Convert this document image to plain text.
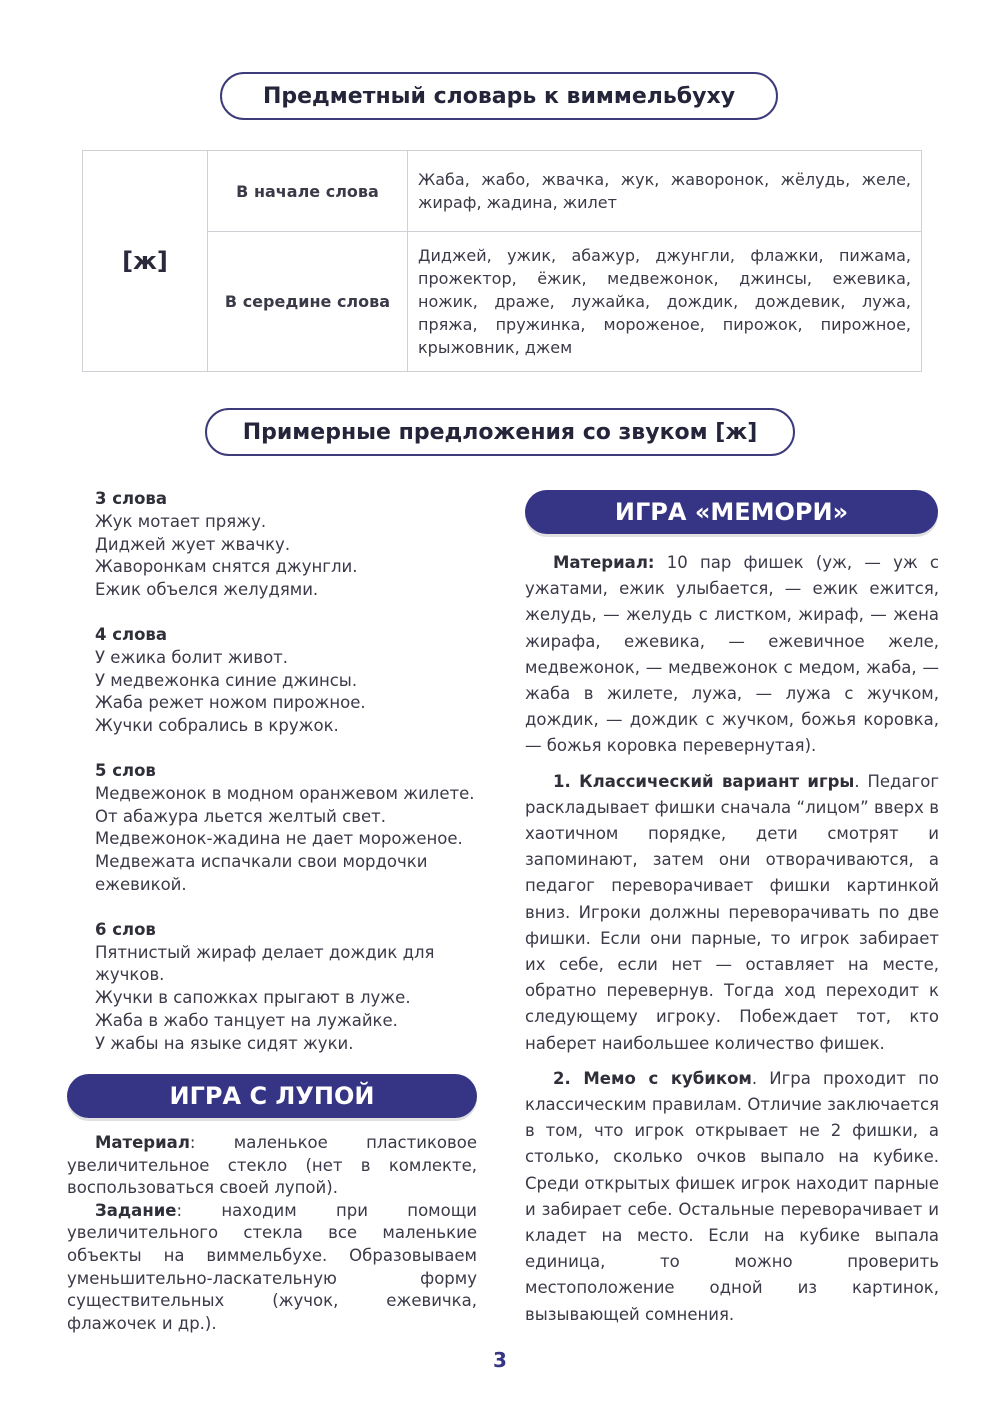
Предметный словарь к виммельбуху
[ж]	В начале слова	Жаба, жабо, жвачка, жук, жаворонок, жёлудь, желе, жираф, жадина, жилет
	В середине слова	Диджей, ужик, абажур, джунгли, флажки, пижама, прожектор, ёжик, медвежонок, джинсы, ежевика, ножик, драже, лужайка, дождик, дождевик, лужа, пряжа, пружинка, мороженое, пирожок, пирожное, крыжовник, джем
Примерные предложения со звуком [ж]
3 слова
Жук мотает пряжу.
Диджей жует жвачку.
Жаворонкам снятся джунгли.
Ежик объелся желудями.
4 слова
У ежика болит живот.
У медвежонка синие джинсы.
Жаба режет ножом пирожное.
Жучки собрались в кружок.
5 слов
Медвежонок в модном оранжевом жилете.
От абажура льется желтый свет.
Медвежонок-жадина не дает мороженое.
Медвежата испачкали свои мордочки ежевикой.
6 слов
Пятнистый жираф делает дождик для жучков.
Жучки в сапожках прыгают в луже.
Жаба в жабо танцует на лужайке.
У жабы на языке сидят жуки.
ИГРА С ЛУПОЙ

Материал: маленькое пластиковое увеличительное стекло (нет в комлекте, воспользоваться своей лупой).

Задание: находим при помощи увеличительного стекла все маленькие объекты на виммельбухе. Образовываем уменьшительно-ласкательную форму существительных (жучок, ежевичка, флажочек и др.).

ИГРА «МЕМОРИ»

Материал: 10 пар фишек (уж, — уж с ужатами, ежик улыбается, — ежик ежится, желудь, — желудь с листком, жираф, — жена жирафа, ежевика, — ежевичное желе, медвежонок, — медвежонок с медом, жаба, — жаба в жилете, лужа, — лужа с жучком, дождик, — дождик с жучком, божья коровка, — божья коровка перевернутая).

1. Классический вариант игры. Педагог раскладывает фишки сначала “лицом” вверх в хаотичном порядке, дети смотрят и запоминают, затем они отворачиваются, а педагог переворачивает фишки картинкой вниз. Игроки должны переворачивать по две фишки. Если они парные, то игрок забирает их себе, если нет — оставляет на месте, обратно перевернув. Тогда ход переходит к следующему игроку. Побеждает тот, кто наберет наибольшее количество фишек.

2. Мемо с кубиком. Игра проходит по классическим правилам. Отличие заключается в том, что игрок открывает не 2 фишки, а столько, сколько очков выпало на кубике. Среди открытых фишек игрок находит парные и забирает себе. Остальные переворачивает и кладет на место. Если на кубике выпала единица, то можно проверить местоположение одной из картинок, вызывающей сомнения.

3
